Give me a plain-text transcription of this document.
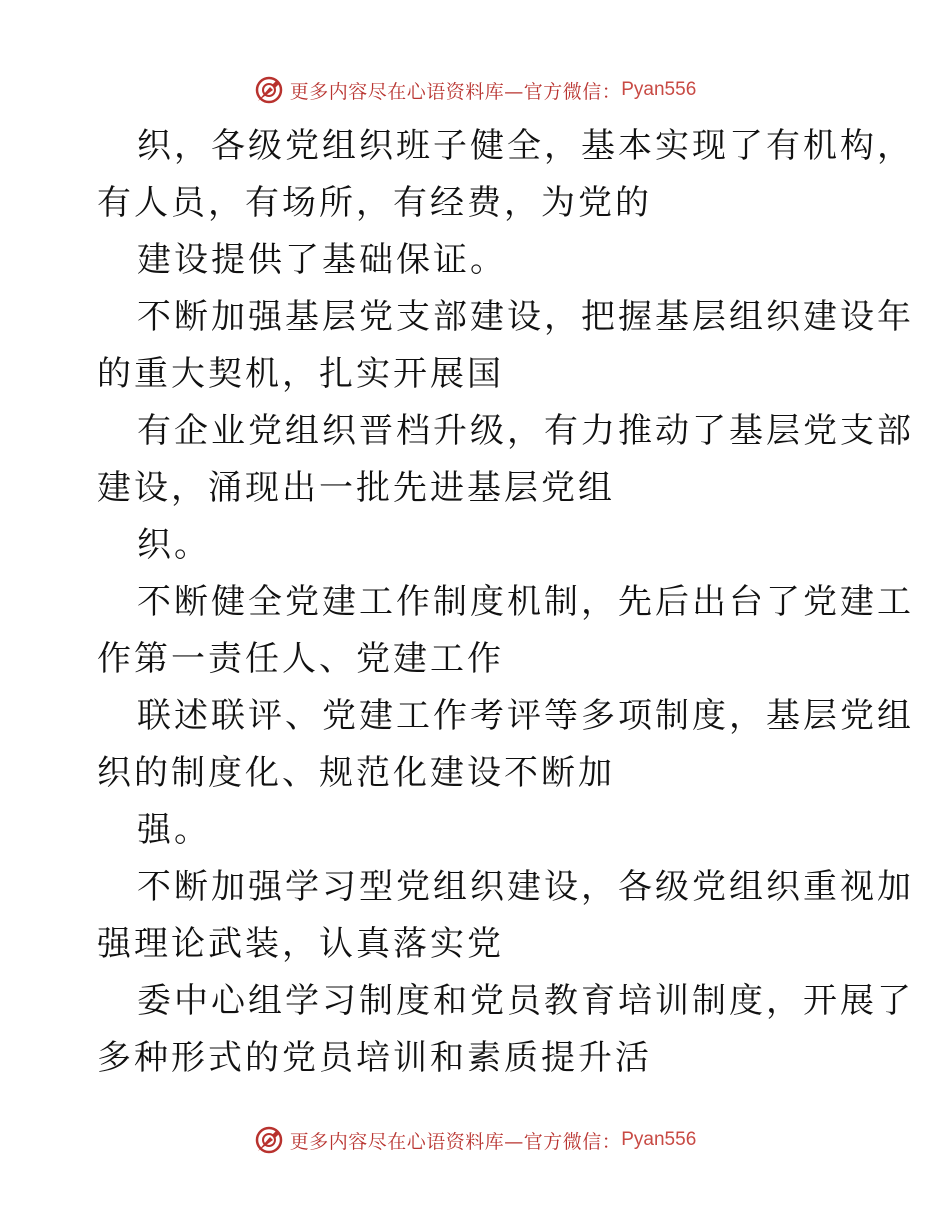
更多内容尽在心语资料库—官方微信： Pyan556
织，各级党组织班子健全，基本实现了有机构，
有人员，有场所，有经费，为党的
建设提供了基础保证。
不断加强基层党支部建设，把握基层组织建设年
的重大契机，扎实开展国
有企业党组织晋档升级，有力推动了基层党支部
建设，涌现出一批先进基层党组
织。
不断健全党建工作制度机制，先后出台了党建工
作第一责任人、党建工作
联述联评、党建工作考评等多项制度，基层党组
织的制度化、规范化建设不断加
强。
不断加强学习型党组织建设，各级党组织重视加
强理论武装，认真落实党
委中心组学习制度和党员教育培训制度，开展了
多种形式的党员培训和素质提升活
更多内容尽在心语资料库—官方微信： Pyan556
